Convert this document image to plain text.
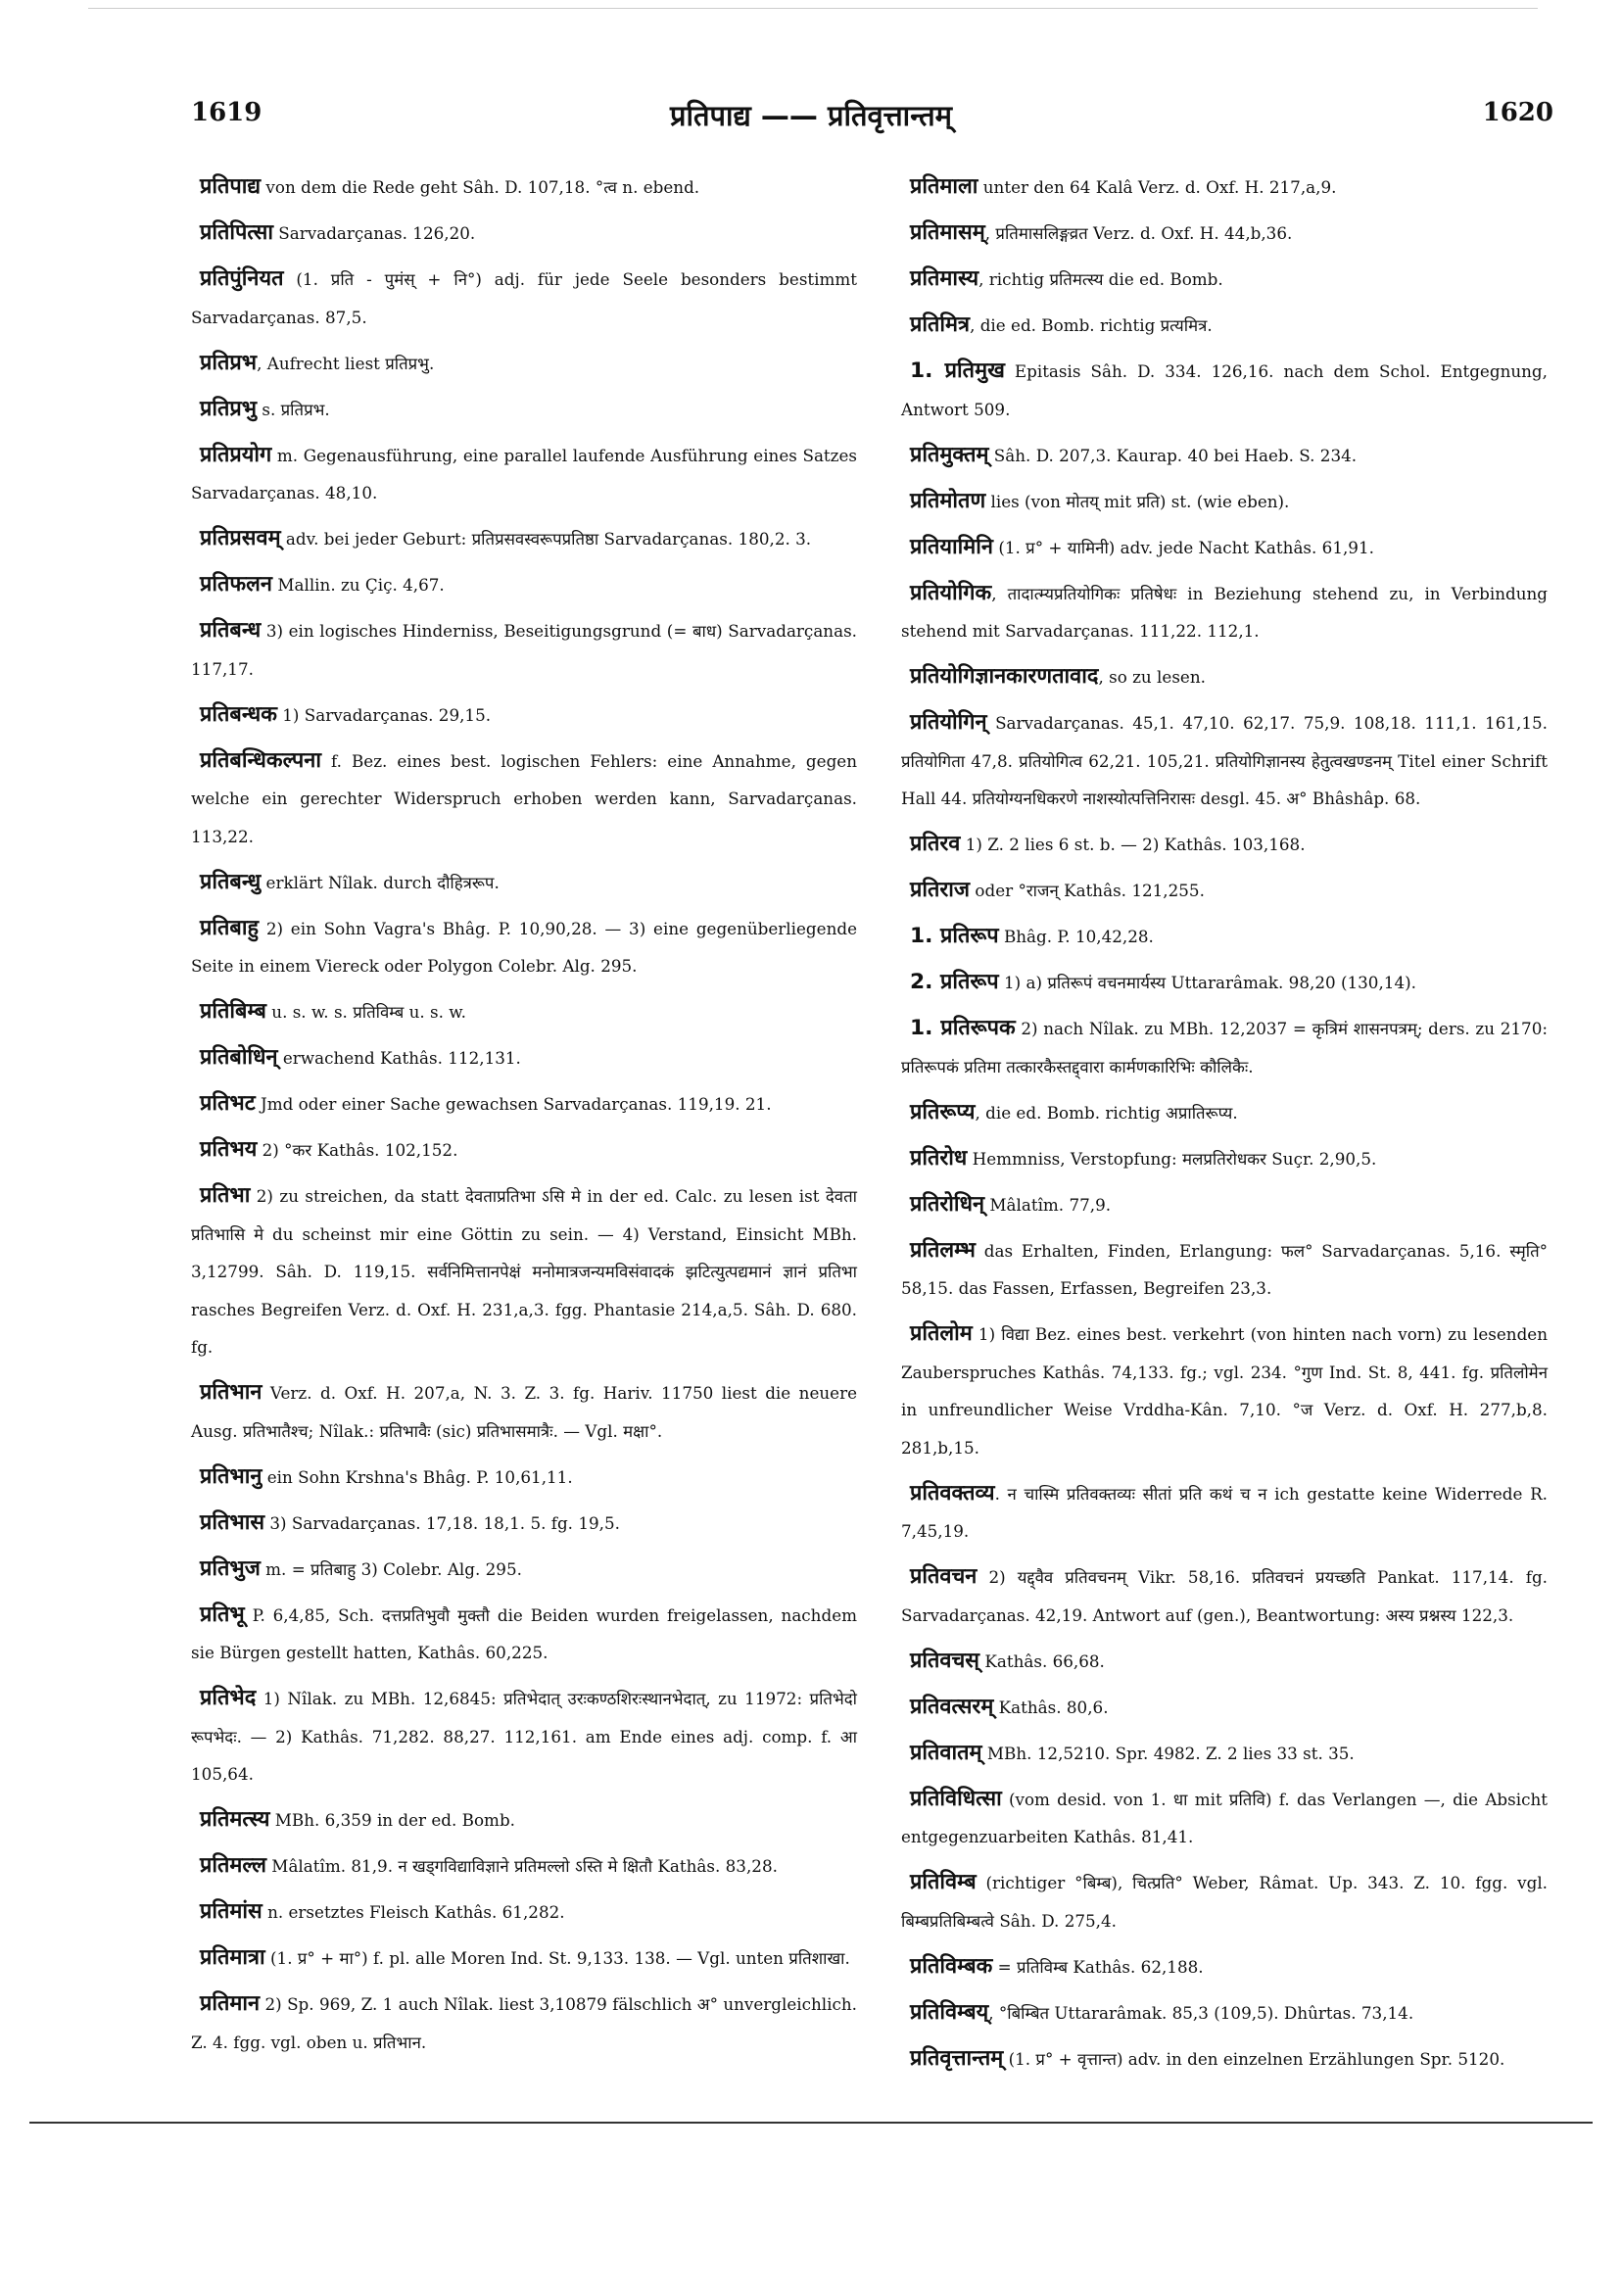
1619	प्रतिपाद्य —— प्रतिवृत्तान्तम्	1620
प्रतिपाद्य von dem die Rede geht Sâh. D. 107,18. °त्व n. ebend.
प्रतिपित्सा Sarvadarçanas. 126,20.
प्रतिपुंनियत (1. प्रति - पुमंस् + नि°) adj. für jede Seele besonders bestimmt Sarvadarçanas. 87,5.
प्रतिप्रभ, Aufrecht liest प्रतिप्रभु.
प्रतिप्रभु s. प्रतिप्रभ.
प्रतिप्रयोग m. Gegenausführung, eine parallel laufende Ausführung eines Satzes Sarvadarçanas. 48,10.
प्रतिप्रसवम् adv. bei jeder Geburt: प्रतिप्रसवस्वरूपप्रतिष्ठा Sarvadarçanas. 180,2. 3.
प्रतिफलन Mallin. zu Çiç. 4,67.
प्रतिबन्ध 3) ein logisches Hinderniss, Beseitigungsgrund (= बाध) Sarvadarçanas. 117,17.
प्रतिबन्धक 1) Sarvadarçanas. 29,15.
प्रतिबन्धिकल्पना f. Bez. eines best. logischen Fehlers: eine Annahme, gegen welche ein gerechter Widerspruch erhoben werden kann, Sarvadarçanas. 113,22.
प्रतिबन्धु erklärt Nîlak. durch दौहित्ररूप.
प्रतिबाहु 2) ein Sohn Vagra's Bhâg. P. 10,90,28. — 3) eine gegenüberliegende Seite in einem Viereck oder Polygon Colebr. Alg. 295.
प्रतिबिम्ब u. s. w. s. प्रतिविम्ब u. s. w.
प्रतिबोधिन् erwachend Kathâs. 112,131.
प्रतिभट Jmd oder einer Sache gewachsen Sarvadarçanas. 119,19. 21.
प्रतिभय 2) °कर Kathâs. 102,152.
प्रतिभा 2) zu streichen, da statt देवताप्रतिभा ऽसि मे in der ed. Calc. zu lesen ist देवता प्रतिभासि मे du scheinst mir eine Göttin zu sein. — 4) Verstand, Einsicht MBh. 3,12799. Sâh. D. 119,15. सर्वनिमित्तानपेक्षं मनोमात्रजन्यमविसंवादकं झटित्युत्पद्यमानं ज्ञानं प्रतिभा rasches Begreifen Verz. d. Oxf. H. 231,a,3. fgg. Phantasie 214,a,5. Sâh. D. 680. fg.
प्रतिभान Verz. d. Oxf. H. 207,a, N. 3. Z. 3. fg. Hariv. 11750 liest die neuere Ausg. प्रतिभातैश्च; Nîlak.: प्रतिभावैः (sic) प्रतिभासमात्रैः. — Vgl. मक्षा°.
प्रतिभानु ein Sohn Krshna's Bhâg. P. 10,61,11.
प्रतिभास 3) Sarvadarçanas. 17,18. 18,1. 5. fg. 19,5.
प्रतिभुज m. = प्रतिबाहु 3) Colebr. Alg. 295.
प्रतिभू P. 6,4,85, Sch. दत्तप्रतिभुवौ मुक्तौ die Beiden wurden freigelassen, nachdem sie Bürgen gestellt hatten, Kathâs. 60,225.
प्रतिभेद 1) Nîlak. zu MBh. 12,6845: प्रतिभेदात् उरःकण्ठशिरःस्थानभेदात्, zu 11972: प्रतिभेदो रूपभेदः. — 2) Kathâs. 71,282. 88,27. 112,161. am Ende eines adj. comp. f. आ 105,64.
प्रतिमत्स्य MBh. 6,359 in der ed. Bomb.
प्रतिमल्ल Mâlatîm. 81,9. न खड्गविद्याविज्ञाने प्रतिमल्लो ऽस्ति मे क्षितौ Kathâs. 83,28.
प्रतिमांस n. ersetztes Fleisch Kathâs. 61,282.
प्रतिमात्रा (1. प्र° + मा°) f. pl. alle Moren Ind. St. 9,133. 138. — Vgl. unten प्रतिशाखा.
प्रतिमान 2) Sp. 969, Z. 1 auch Nîlak. liest 3,10879 fälschlich अ° unvergleichlich. Z. 4. fgg. vgl. oben u. प्रतिभान.
प्रतिमाला unter den 64 Kalâ Verz. d. Oxf. H. 217,a,9.
प्रतिमासम्, प्रतिमासलिङ्गव्रत Verz. d. Oxf. H. 44,b,36.
प्रतिमास्य, richtig प्रतिमत्स्य die ed. Bomb.
प्रतिमित्र, die ed. Bomb. richtig प्रत्यमित्र.
1. प्रतिमुख Epitasis Sâh. D. 334. 126,16. nach dem Schol. Entgegnung, Antwort 509.
प्रतिमुक्तम् Sâh. D. 207,3. Kaurap. 40 bei Haeb. S. 234.
प्रतिमोतण lies (von मोतय् mit प्रति) st. (wie eben).
प्रतियामिनि (1. प्र° + यामिनी) adv. jede Nacht Kathâs. 61,91.
प्रतियोगिक, तादात्म्यप्रतियोगिकः प्रतिषेधः in Beziehung stehend zu, in Verbindung stehend mit Sarvadarçanas. 111,22. 112,1.
प्रतियोगिज्ञानकारणतावाद, so zu lesen.
प्रतियोगिन् Sarvadarçanas. 45,1. 47,10. 62,17. 75,9. 108,18. 111,1. 161,15. प्रतियोगिता 47,8. प्रतियोगित्व 62,21. 105,21. प्रतियोगिज्ञानस्य हेतुत्वखण्डनम् Titel einer Schrift Hall 44. प्रतियोग्यनधिकरणे नाशस्योत्पत्तिनिरासः desgl. 45. अ° Bhâshâp. 68.
प्रतिरव 1) Z. 2 lies 6 st. b. — 2) Kathâs. 103,168.
प्रतिराज oder °राजन् Kathâs. 121,255.
1. प्रतिरूप Bhâg. P. 10,42,28.
2. प्रतिरूप 1) a) प्रतिरूपं वचनमार्यस्य Uttararâmak. 98,20 (130,14).
1. प्रतिरूपक 2) nach Nîlak. zu MBh. 12,2037 = कृत्रिमं शासनपत्रम्; ders. zu 2170: प्रतिरूपकं प्रतिमा तत्कारकैस्तद्द्वारा कार्मणकारिभिः कौलिकैः.
प्रतिरूप्य, die ed. Bomb. richtig अप्रातिरूप्य.
प्रतिरोध Hemmniss, Verstopfung: मलप्रतिरोधकर Suçr. 2,90,5.
प्रतिरोधिन् Mâlatîm. 77,9.
प्रतिलम्भ das Erhalten, Finden, Erlangung: फल° Sarvadarçanas. 5,16. स्मृति° 58,15. das Fassen, Erfassen, Begreifen 23,3.
प्रतिलोम 1) विद्या Bez. eines best. verkehrt (von hinten nach vorn) zu lesenden Zauberspruches Kathâs. 74,133. fg.; vgl. 234. °गुण Ind. St. 8, 441. fg. प्रतिलोमेन in unfreundlicher Weise Vrddha-Kân. 7,10. °ज Verz. d. Oxf. H. 277,b,8. 281,b,15.
प्रतिवक्तव्य. न चास्मि प्रतिवक्तव्यः सीतां प्रति कथं च न ich gestatte keine Widerrede R. 7,45,19.
प्रतिवचन 2) यद्द्वैव प्रतिवचनम् Vikr. 58,16. प्रतिवचनं प्रयच्छति Pankat. 117,14. fg. Sarvadarçanas. 42,19. Antwort auf (gen.), Beantwortung: अस्य प्रश्नस्य 122,3.
प्रतिवचस् Kathâs. 66,68.
प्रतिवत्सरम् Kathâs. 80,6.
प्रतिवातम् MBh. 12,5210. Spr. 4982. Z. 2 lies 33 st. 35.
प्रतिविधित्सा (vom desid. von 1. धा mit प्रतिवि) f. das Verlangen —, die Absicht entgegenzuarbeiten Kathâs. 81,41.
प्रतिविम्ब (richtiger °बिम्ब), चित्प्रति° Weber, Râmat. Up. 343. Z. 10. fgg. vgl. बिम्बप्रतिबिम्बत्वे Sâh. D. 275,4.
प्रतिविम्बक = प्रतिविम्ब Kathâs. 62,188.
प्रतिविम्बय्, °बिम्बित Uttararâmak. 85,3 (109,5). Dhûrtas. 73,14.
प्रतिवृत्तान्तम् (1. प्र° + वृत्तान्त) adv. in den einzelnen Erzählungen Spr. 5120.
